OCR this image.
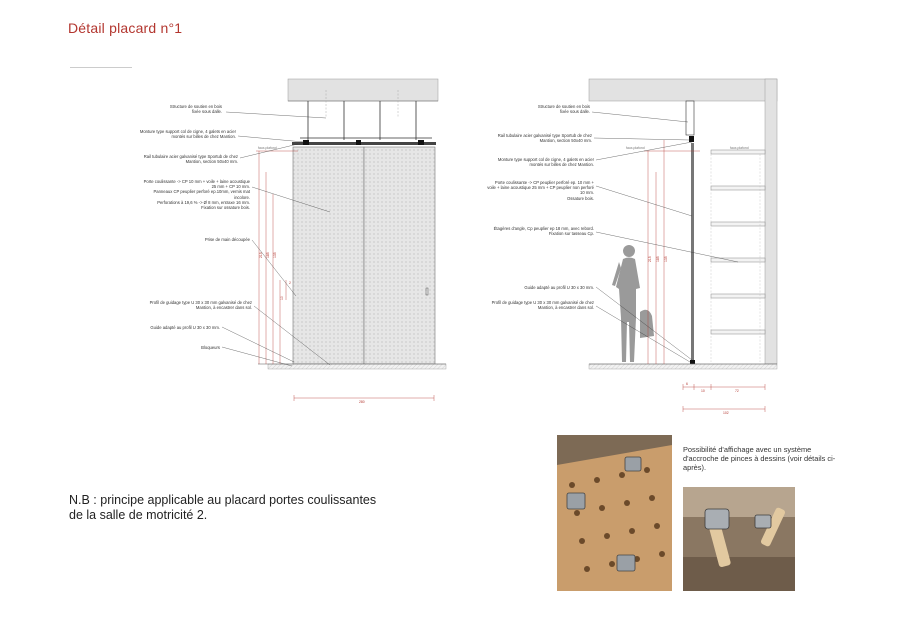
Détail placard n°1
280
215 185 135
10
2
faux-plafond
215 185 135
6
10	72
102
faux-plafond	faux-plafond
Structure de soutien en bois
fixée sous dalle.
Monture type support col de cigne, 4 galets en acier
montés sur billes de chez Mantion.
Rail tubulaire acier galvanisé type Sportub de chez
Mantion, section 50x40 mm.
Porte coulissante -> CP 10 mm + voile + laine acoustique
25 mm + CP 10 mm.
Panneaux CP peuplier perforé ep.10mm, vernis mat
incolore.
Perforations à 19,6 % -> Ø 8 mm, entraxe 16 mm.
Fixation sur ossature bois.
Prise de main découpée
Profil de guidage type U 30 x 30 mm galvanisé de chez
Mantion, à encastrer dans sol.
Guide adapté au profil U 30 x 30 mm.
Bloqueurs
Structure de soutien en bois
fixée sous dalle.
Rail tubulaire acier galvanisé type Sportub de chez
Mantion, section 50x40 mm.
Monture type support col de cigne, 4 galets en acier
montés sur billes de chez Mantion.
Porte coulissante -> CP peuplier perforé ep. 10 mm +
voile + laine acoustique 25 mm + CP peuplier non perforé
10 mm.
Ossature bois.
Étagères d'angle, Cp peuplier ep 18 mm, avec rebord.
Fixation sur tasseau Cp.
Guide adapté au profil U 30 x 30 mm.
Profil de guidage type U 30 x 30 mm galvanisé de chez
Mantion, à encastrer dans sol.
N.B : principe applicable au placard portes coulissantes de la salle de motricité 2.
Possibilité d'affichage avec un système d'accroche de pinces à dessins (voir détails ci-après).
